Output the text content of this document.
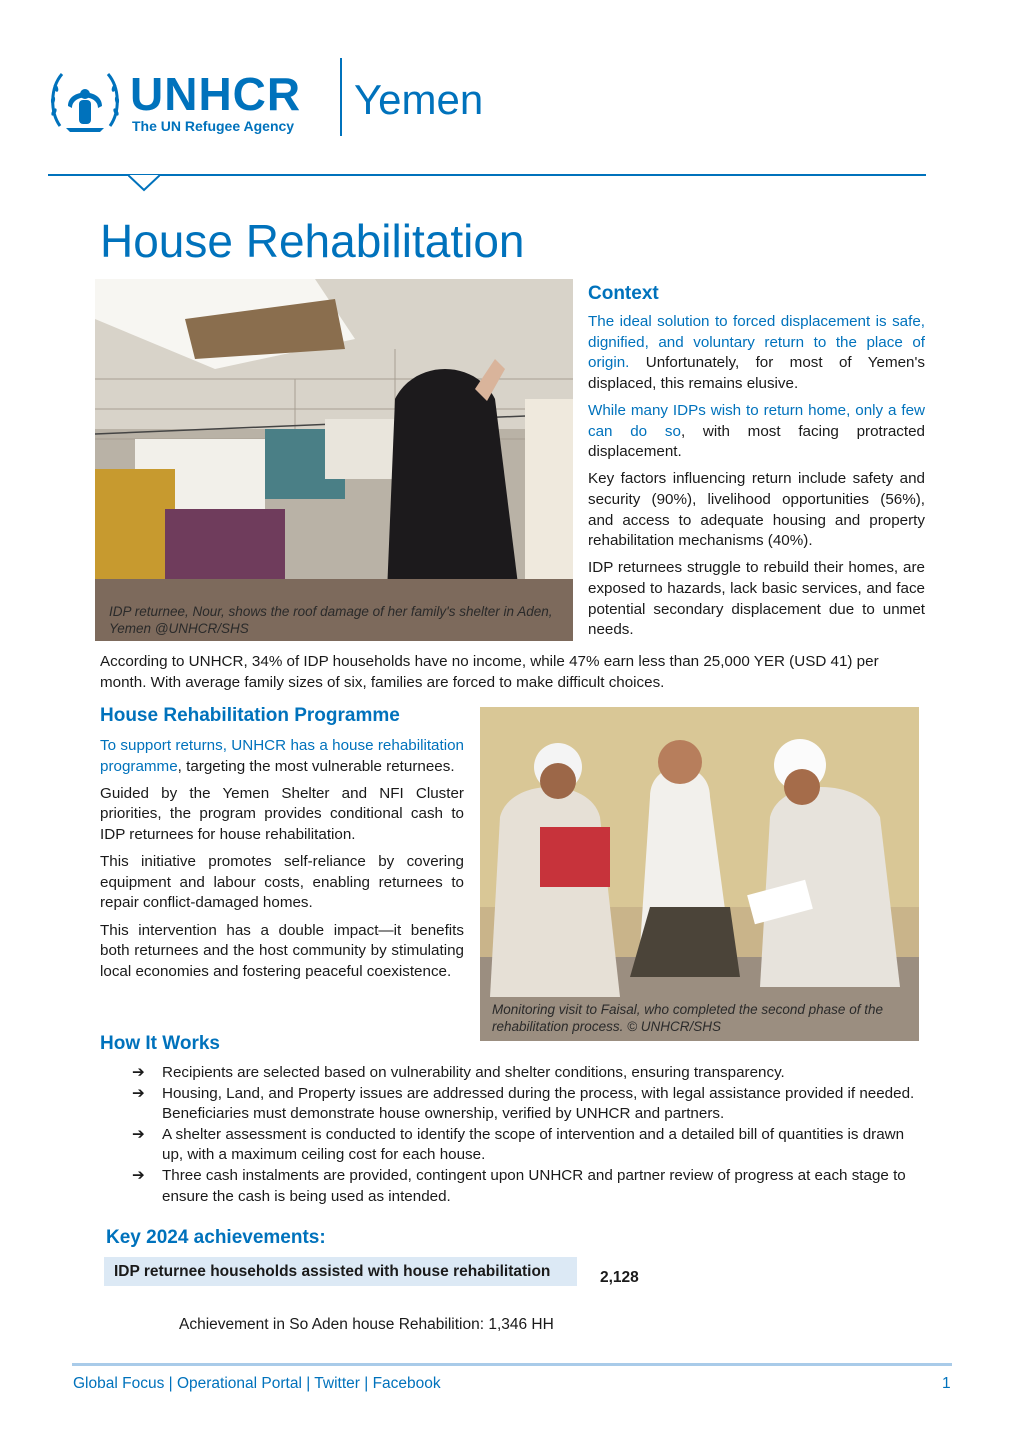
UNHCR
The UN Refugee Agency
Yemen
House Rehabilitation
IDP returnee, Nour, shows the roof damage of her family's shelter in Aden, Yemen @UNHCR/SHS
Context

The ideal solution to forced displacement is safe, dignified, and voluntary return to the place of origin. Unfortunately, for most of Yemen's displaced, this remains elusive.

While many IDPs wish to return home, only a few can do so, with most facing protracted displacement.

Key factors influencing return include safety and security (90%), livelihood opportunities (56%), and access to adequate housing and property rehabilitation mechanisms (40%).

IDP returnees struggle to rebuild their homes, are exposed to hazards, lack basic services, and face potential secondary displacement due to unmet needs.

According to UNHCR, 34% of IDP households have no income, while 47% earn less than 25,000 YER (USD 41) per month. With average family sizes of six, families are forced to make difficult choices.
House Rehabilitation Programme

To support returns, UNHCR has a house rehabilitation programme, targeting the most vulnerable returnees.

Guided by the Yemen Shelter and NFI Cluster priorities, the program provides conditional cash to IDP returnees for house rehabilitation.

This initiative promotes self-reliance by covering equipment and labour costs, enabling returnees to repair conflict-damaged homes.

This intervention has a double impact—it benefits both returnees and the host community by stimulating local economies and fostering peaceful coexistence.

Monitoring visit to Faisal, who completed the second phase of the rehabilitation process. © UNHCR/SHS
How It Works
➔ Recipients are selected based on vulnerability and shelter conditions, ensuring transparency.
➔ Housing, Land, and Property issues are addressed during the process, with legal assistance provided if needed. Beneficiaries must demonstrate house ownership, verified by UNHCR and partners.
➔ A shelter assessment is conducted to identify the scope of intervention and a detailed bill of quantities is drawn up, with a maximum ceiling cost for each house.
➔ Three cash instalments are provided, contingent upon UNHCR and partner review of progress at each stage to ensure the cash is being used as intended.
Key 2024 achievements:
IDP returnee households assisted with house rehabilitation	2,128
Achievement in So Aden house Rehabilition: 1,346 HH
Global Focus | Operational Portal | Twitter | Facebook	1
